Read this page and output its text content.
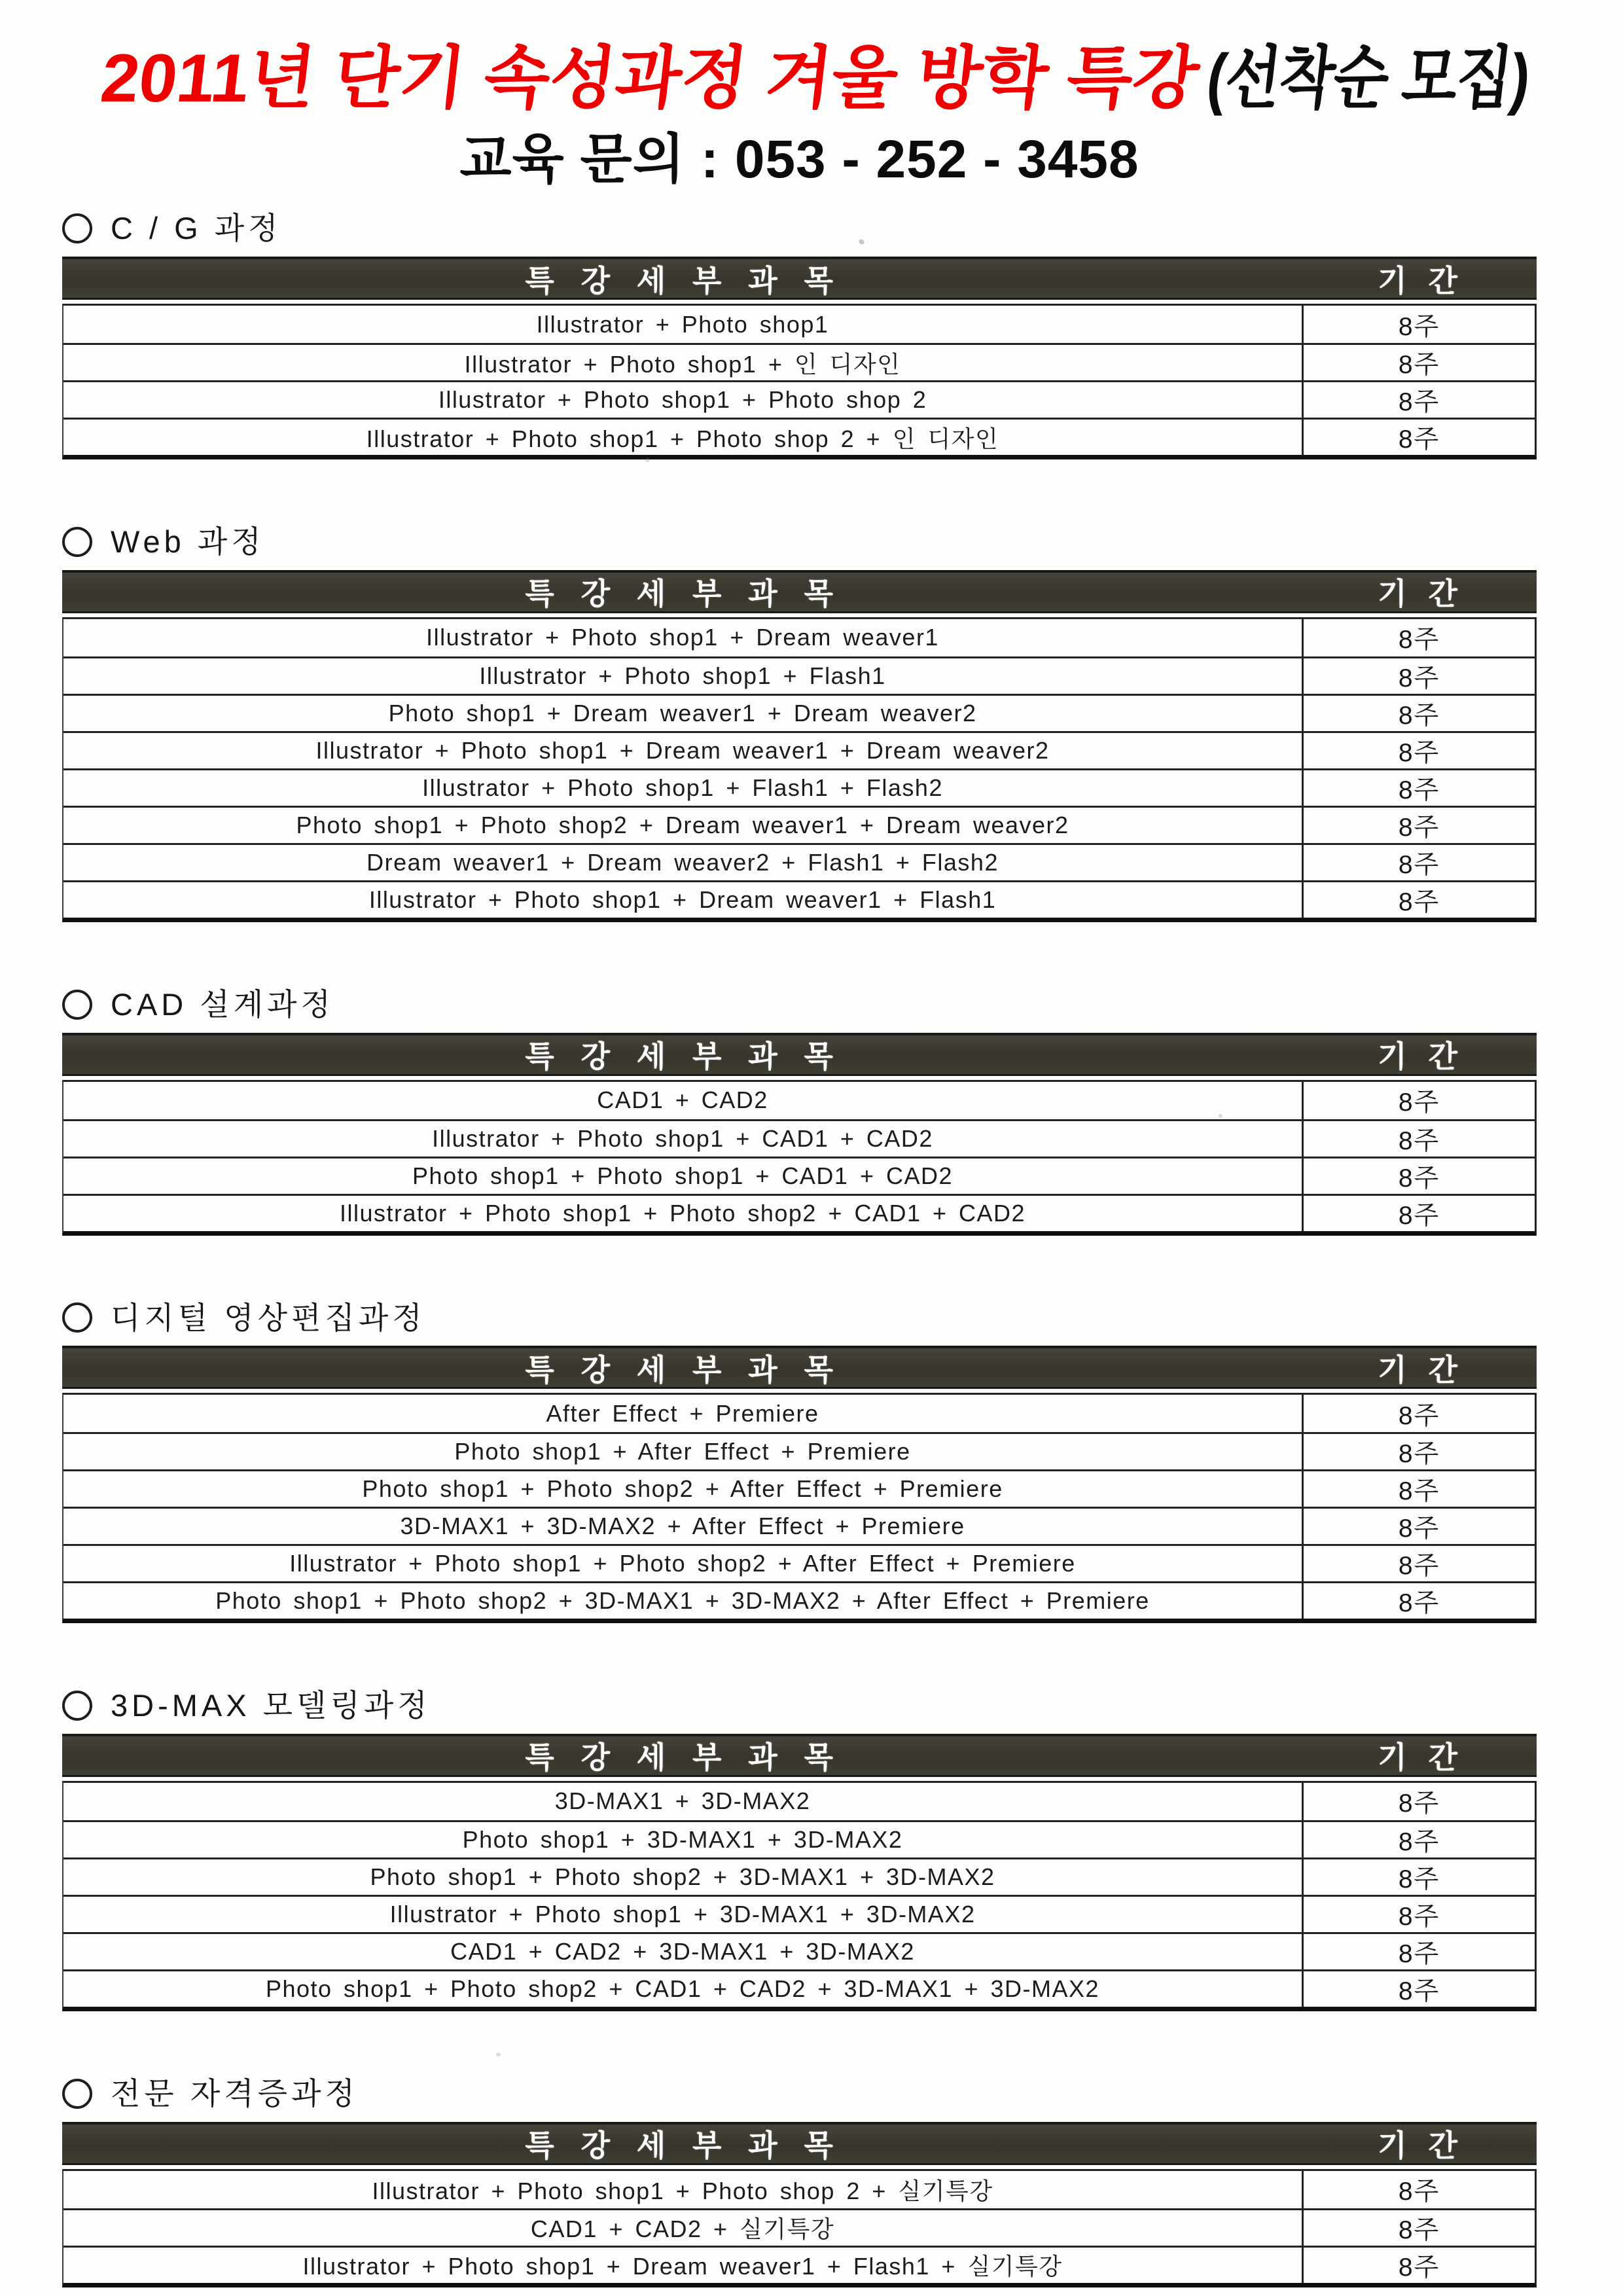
2011년 단기 속성과정 겨울 방학 특강(선착순 모집)
교육 문의 : 053 - 252 - 3458
C / G 과정
특 강 세 부 과 목	기 간
Illustrator + Photo shop1	8주
Illustrator + Photo shop1 + 인 디자인	8주
Illustrator + Photo shop1 + Photo shop 2	8주
Illustrator + Photo shop1 + Photo shop 2 + 인 디자인	8주
Web 과정
특 강 세 부 과 목	기 간
Illustrator + Photo shop1 + Dream weaver1	8주
Illustrator + Photo shop1 + Flash1	8주
Photo shop1 + Dream weaver1 + Dream weaver2	8주
Illustrator + Photo shop1 + Dream weaver1 + Dream weaver2	8주
Illustrator + Photo shop1 + Flash1 + Flash2	8주
Photo shop1 + Photo shop2 + Dream weaver1 + Dream weaver2	8주
Dream weaver1 + Dream weaver2 + Flash1 + Flash2	8주
Illustrator + Photo shop1 + Dream weaver1 + Flash1	8주
CAD 설계과정
특 강 세 부 과 목	기 간
CAD1 + CAD2	8주
Illustrator + Photo shop1 + CAD1 + CAD2	8주
Photo shop1 + Photo shop1 + CAD1 + CAD2	8주
Illustrator + Photo shop1 + Photo shop2 + CAD1 + CAD2	8주
디지털 영상편집과정
특 강 세 부 과 목	기 간
After Effect + Premiere	8주
Photo shop1 + After Effect + Premiere	8주
Photo shop1 + Photo shop2 + After Effect + Premiere	8주
3D-MAX1 + 3D-MAX2 + After Effect + Premiere	8주
Illustrator + Photo shop1 + Photo shop2 + After Effect + Premiere	8주
Photo shop1 + Photo shop2 + 3D-MAX1 + 3D-MAX2 + After Effect + Premiere	8주
3D-MAX 모델링과정
특 강 세 부 과 목	기 간
3D-MAX1 + 3D-MAX2	8주
Photo shop1 + 3D-MAX1 + 3D-MAX2	8주
Photo shop1 + Photo shop2 + 3D-MAX1 + 3D-MAX2	8주
Illustrator + Photo shop1 + 3D-MAX1 + 3D-MAX2	8주
CAD1 + CAD2 + 3D-MAX1 + 3D-MAX2	8주
Photo shop1 + Photo shop2 + CAD1 + CAD2 + 3D-MAX1 + 3D-MAX2	8주
전문 자격증과정
특 강 세 부 과 목	기 간
Illustrator + Photo shop1 + Photo shop 2 + 실기특강	8주
CAD1 + CAD2 + 실기특강	8주
Illustrator + Photo shop1 + Dream weaver1 + Flash1 + 실기특강	8주
